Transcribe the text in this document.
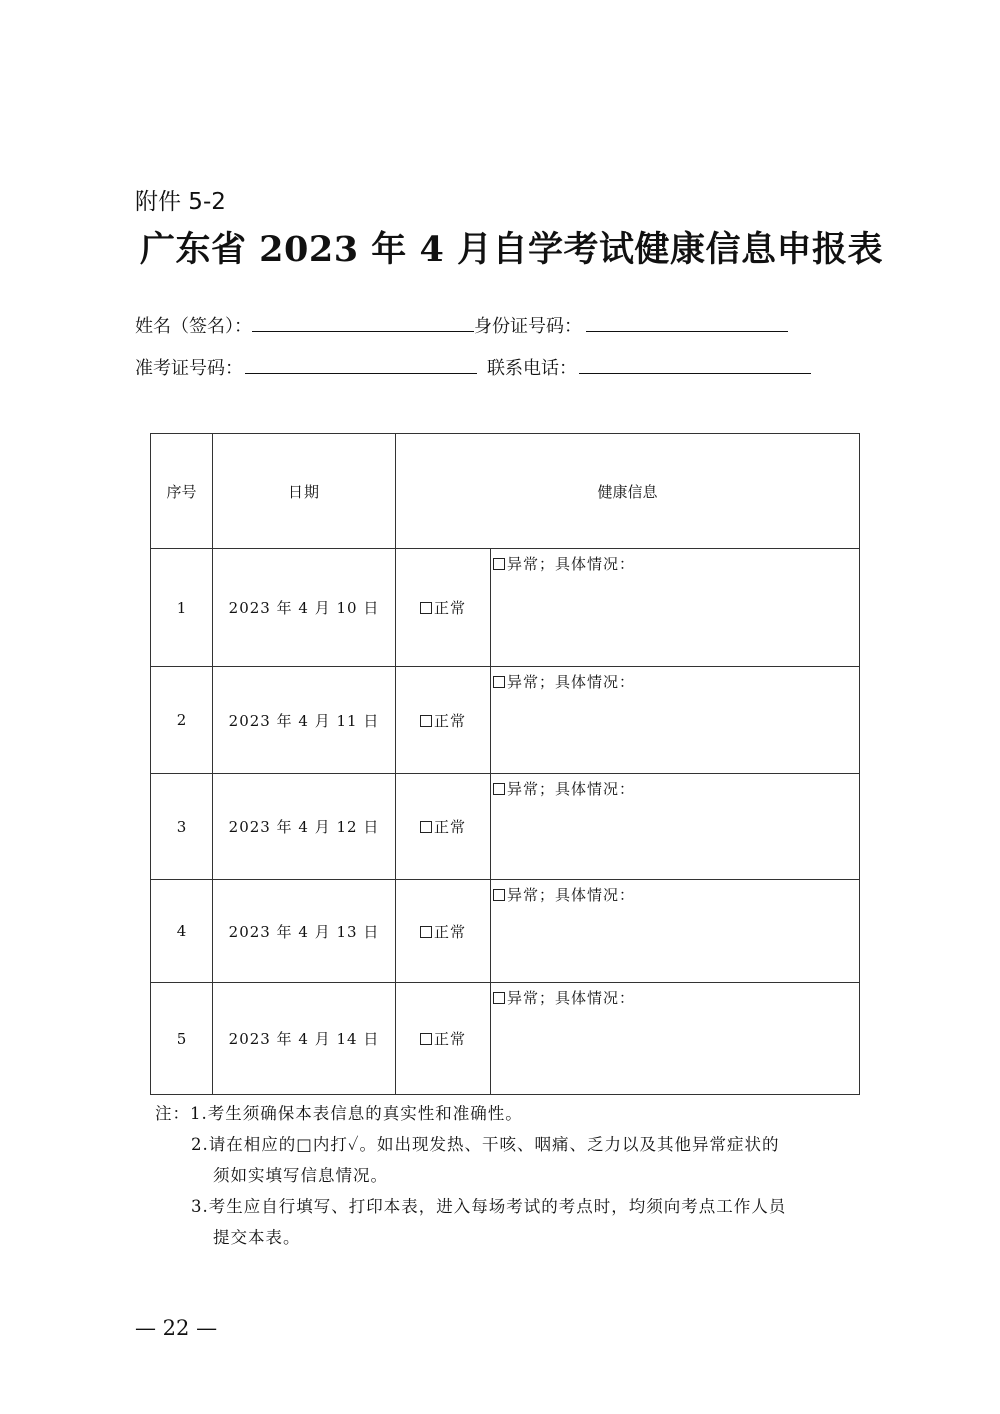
附件 5-2
广东省 2023 年 4 月自学考试健康信息申报表
姓名（签名）：	身份证号码：
准考证号码：	联系电话：
序号	日期	健康信息	
1	2023 年 4 月 10 日	正常	异常；具体情况：
2	2023 年 4 月 11 日	正常	异常；具体情况：
3	2023 年 4 月 12 日	正常	异常；具体情况：
4	2023 年 4 月 13 日	正常	异常；具体情况：
5	2023 年 4 月 14 日	正常	异常；具体情况：
注：1.考生须确保本表信息的真实性和准确性。
2.请在相应的□内打✓。如出现发热、干咳、咽痛、乏力以及其他异常症状的
须如实填写信息情况。
3.考生应自行填写、打印本表，进入每场考试的考点时，均须向考点工作人员
提交本表。
— 22 —
